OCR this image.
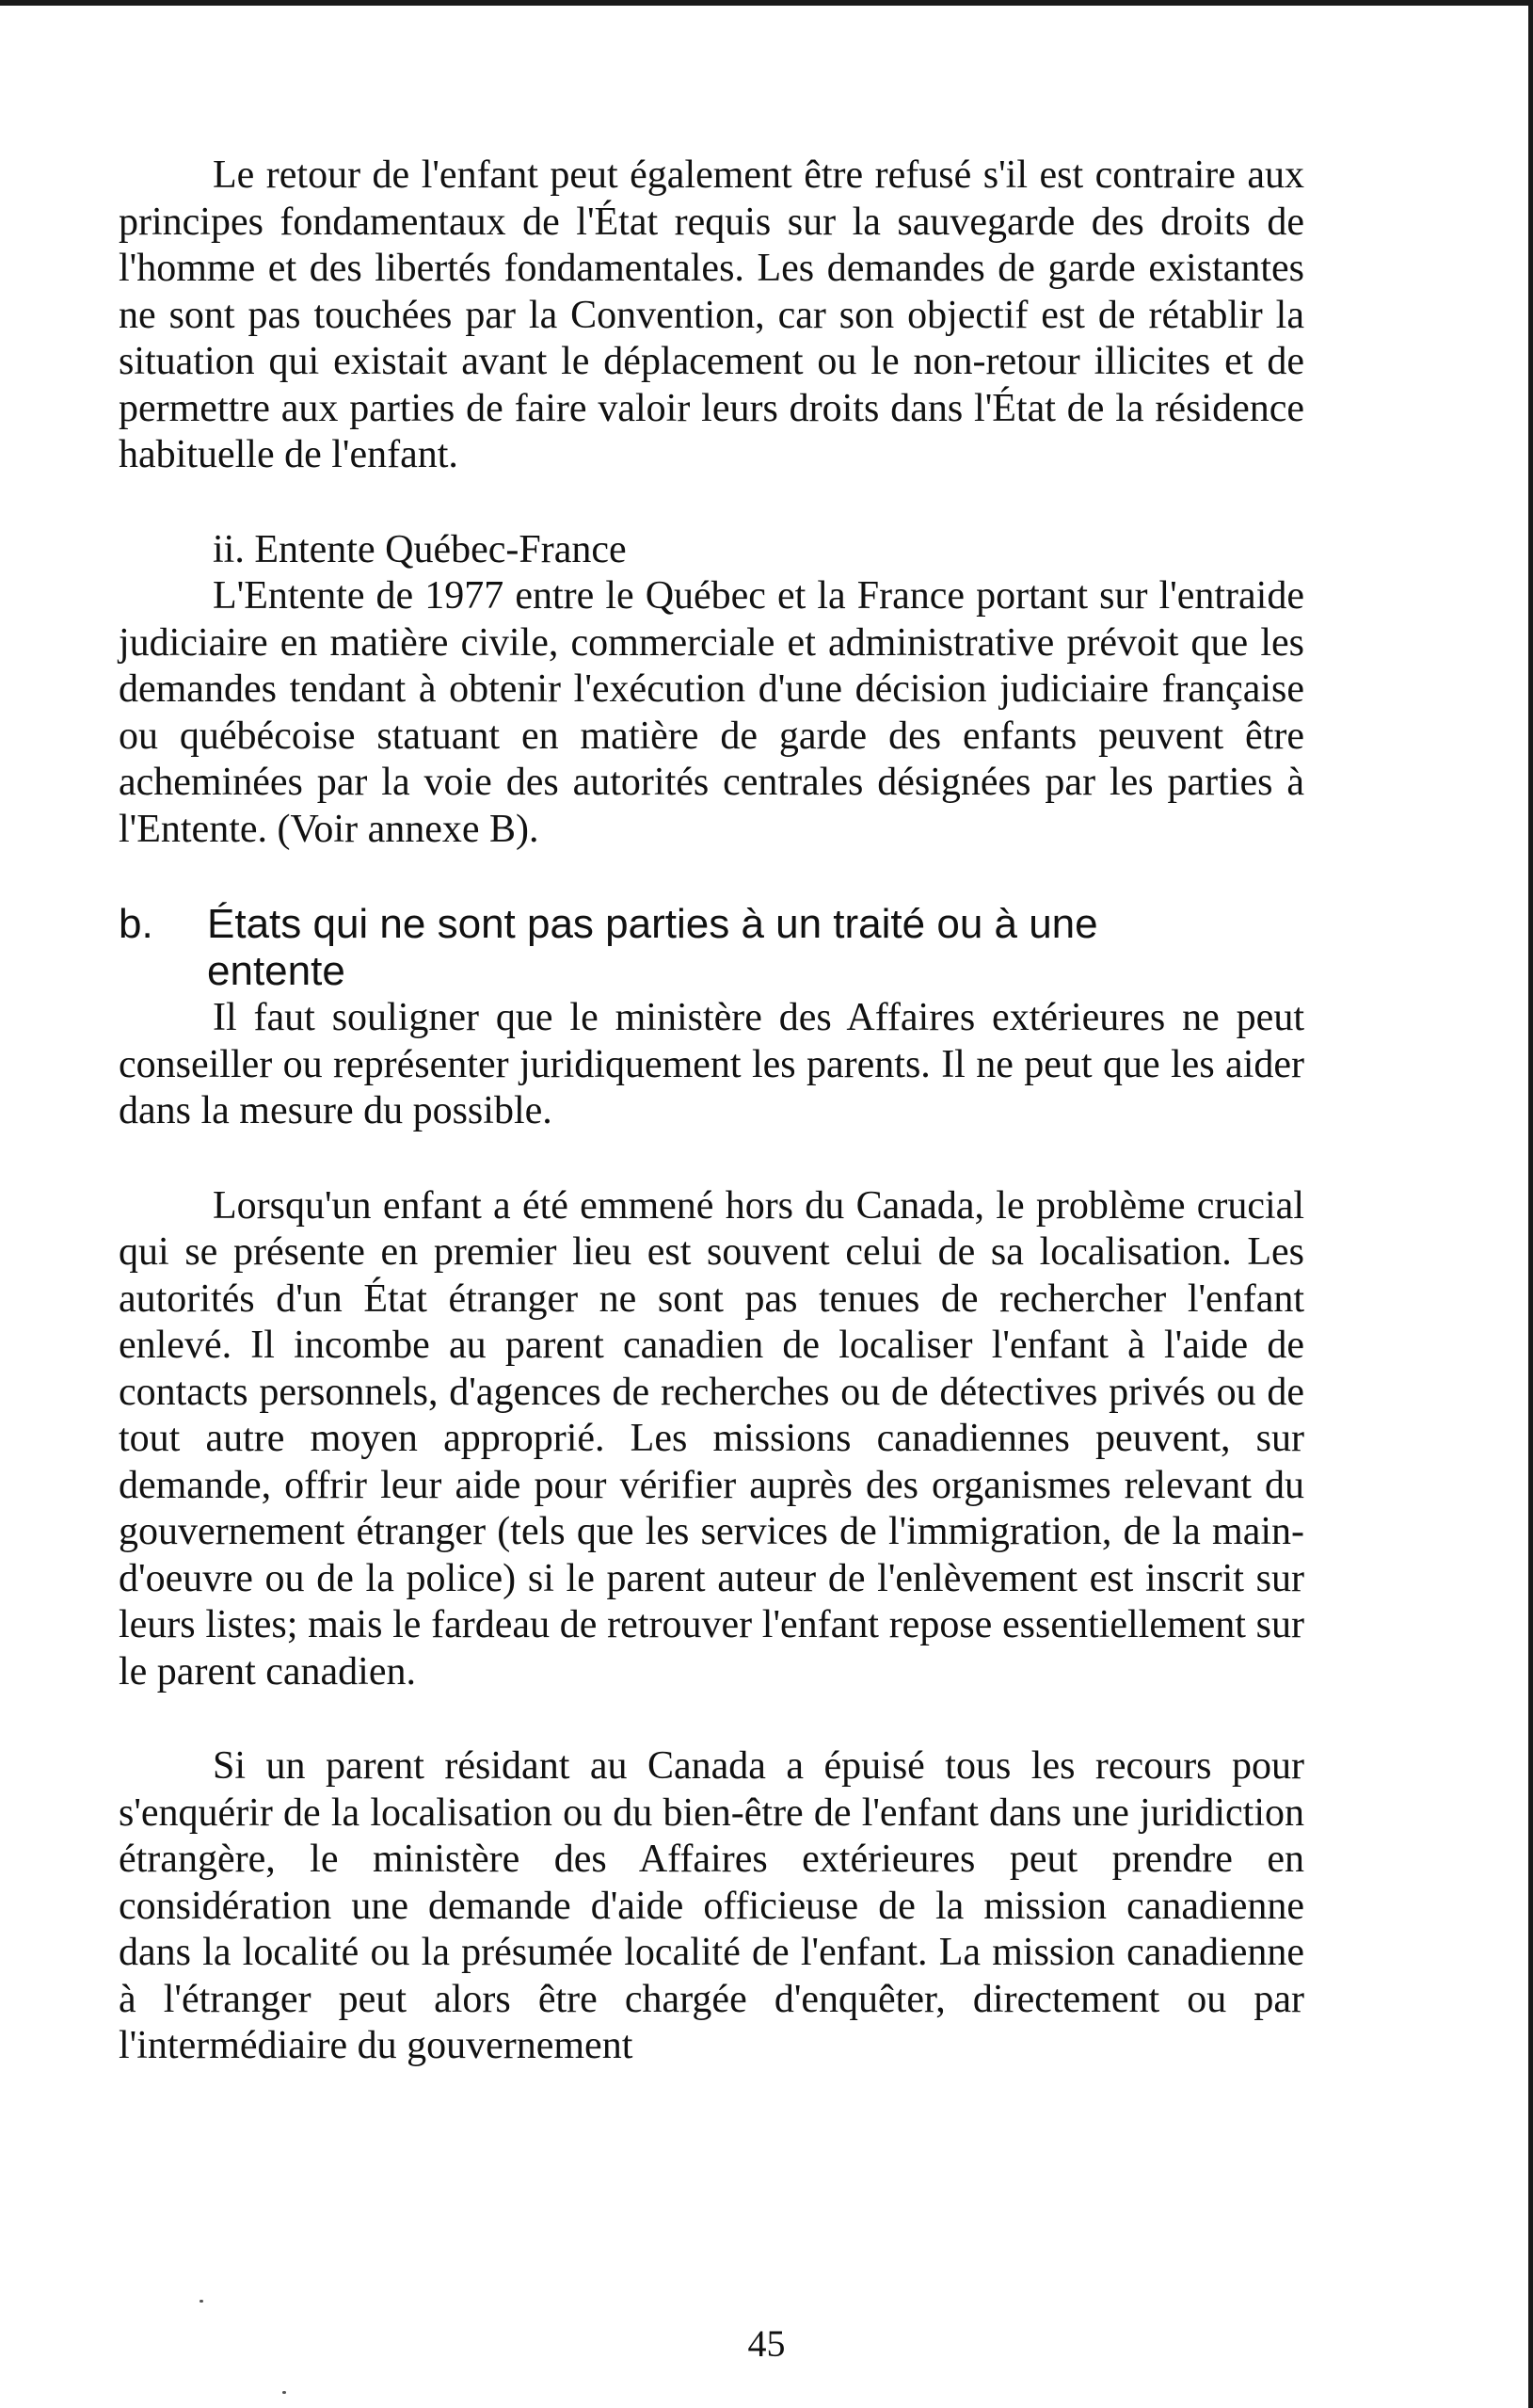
Le retour de l'enfant peut également être refusé s'il est contraire aux principes fondamentaux de l'État requis sur la sauvegarde des droits de l'homme et des libertés fondamentales. Les demandes de garde existantes ne sont pas touchées par la Convention, car son objectif est de rétablir la situation qui existait avant le déplacement ou le non-retour illicites et de permettre aux parties de faire valoir leurs droits dans l'État de la résidence habituelle de l'enfant.

ii. Entente Québec-France

L'Entente de 1977 entre le Québec et la France portant sur l'entraide judiciaire en matière civile, commerciale et administrative prévoit que les demandes tendant à obtenir l'exécution d'une décision judiciaire française ou québécoise statuant en matière de garde des enfants peuvent être acheminées par la voie des autorités centrales désignées par les parties à l'Entente. (Voir annexe B).

b.	États qui ne sont pas parties à un traité ou à une entente

Il faut souligner que le ministère des Affaires extérieures ne peut conseiller ou représenter juridiquement les parents. Il ne peut que les aider dans la mesure du possible.

Lorsqu'un enfant a été emmené hors du Canada, le problème crucial qui se présente en premier lieu est souvent celui de sa localisation. Les autorités d'un État étranger ne sont pas tenues de rechercher l'enfant enlevé. Il incombe au parent canadien de localiser l'enfant à l'aide de contacts personnels, d'agences de recherches ou de détectives privés ou de tout autre moyen approprié. Les missions canadiennes peuvent, sur demande, offrir leur aide pour vérifier auprès des organismes relevant du gouvernement étranger (tels que les services de l'immigration, de la main-d'oeuvre ou de la police) si le parent auteur de l'enlèvement est inscrit sur leurs listes; mais le fardeau de retrouver l'enfant repose essentiellement sur le parent canadien.

Si un parent résidant au Canada a épuisé tous les recours pour s'enquérir de la localisation ou du bien-être de l'enfant dans une juridiction étrangère, le ministère des Affaires extérieures peut prendre en considération une demande d'aide officieuse de la mission canadienne dans la localité ou la présumée localité de l'enfant. La mission canadienne à l'étranger peut alors être chargée d'enquêter, directement ou par l'intermédiaire du gouvernement

45
